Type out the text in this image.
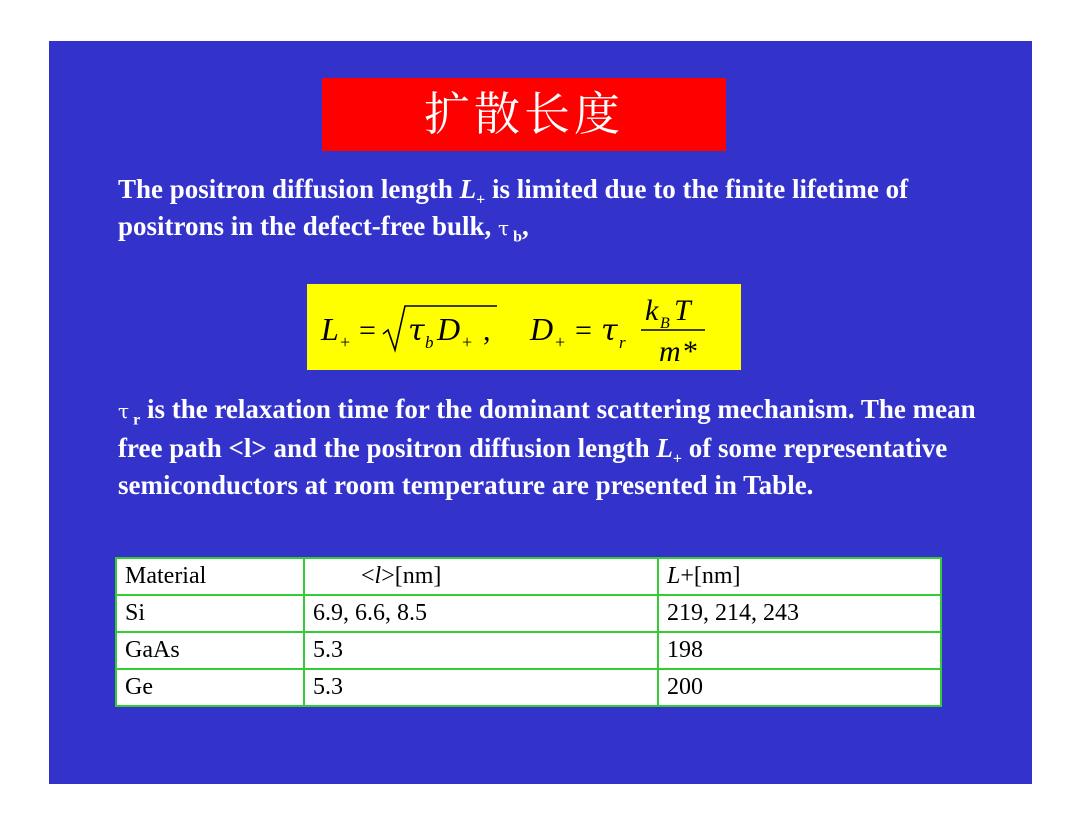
扩散长度
The positron diffusion length $L_+$ is limited due to the finite lifetime of positrons in the defect-free bulk, τ $_b$,
L + = τ b D + , D + = τ r
k B T
m *
τ $_r$ is the relaxation time for the dominant scattering mechanism. The mean free path <l> and the positron diffusion length $L_+$ of some representative semiconductors at room temperature are presented in Table.
Material	<l>[nm]	L+[nm]
Si	6.9, 6.6, 8.5	219, 214, 243
GaAs	5.3	198
Ge	5.3	200
